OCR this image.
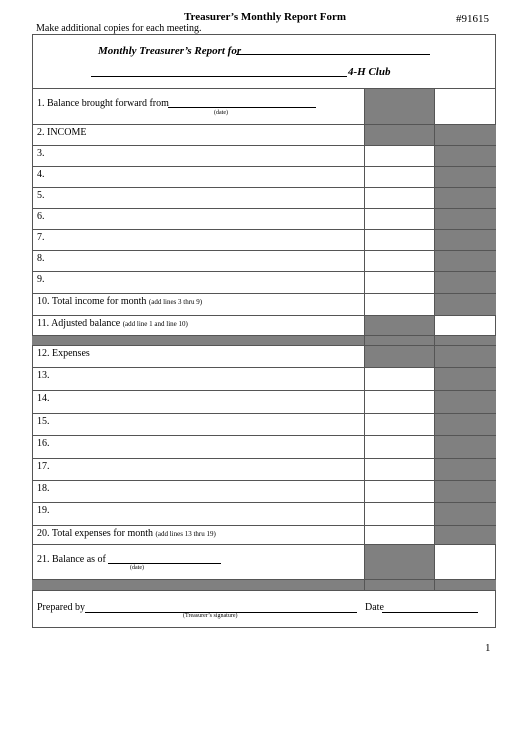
Treasurer’s Monthly Report Form	#91615
Make additional copies for each meeting.
Monthly Treasurer’s Report for
4-H Club
1. Balance brought forward from
(date)
2. INCOME
3.
4.
5.
6.
7.
8.
9.
10. Total income for month (add lines 3 thru 9)
11. Adjusted balance (add line 1 and line 10)
12. Expenses
13.
14.
15.
16.
17.
18.
19.
20. Total expenses for month (add lines 13 thru 19)
21. Balance as of
(date)
Prepared by
(Treasurer’s signature)
Date
1
